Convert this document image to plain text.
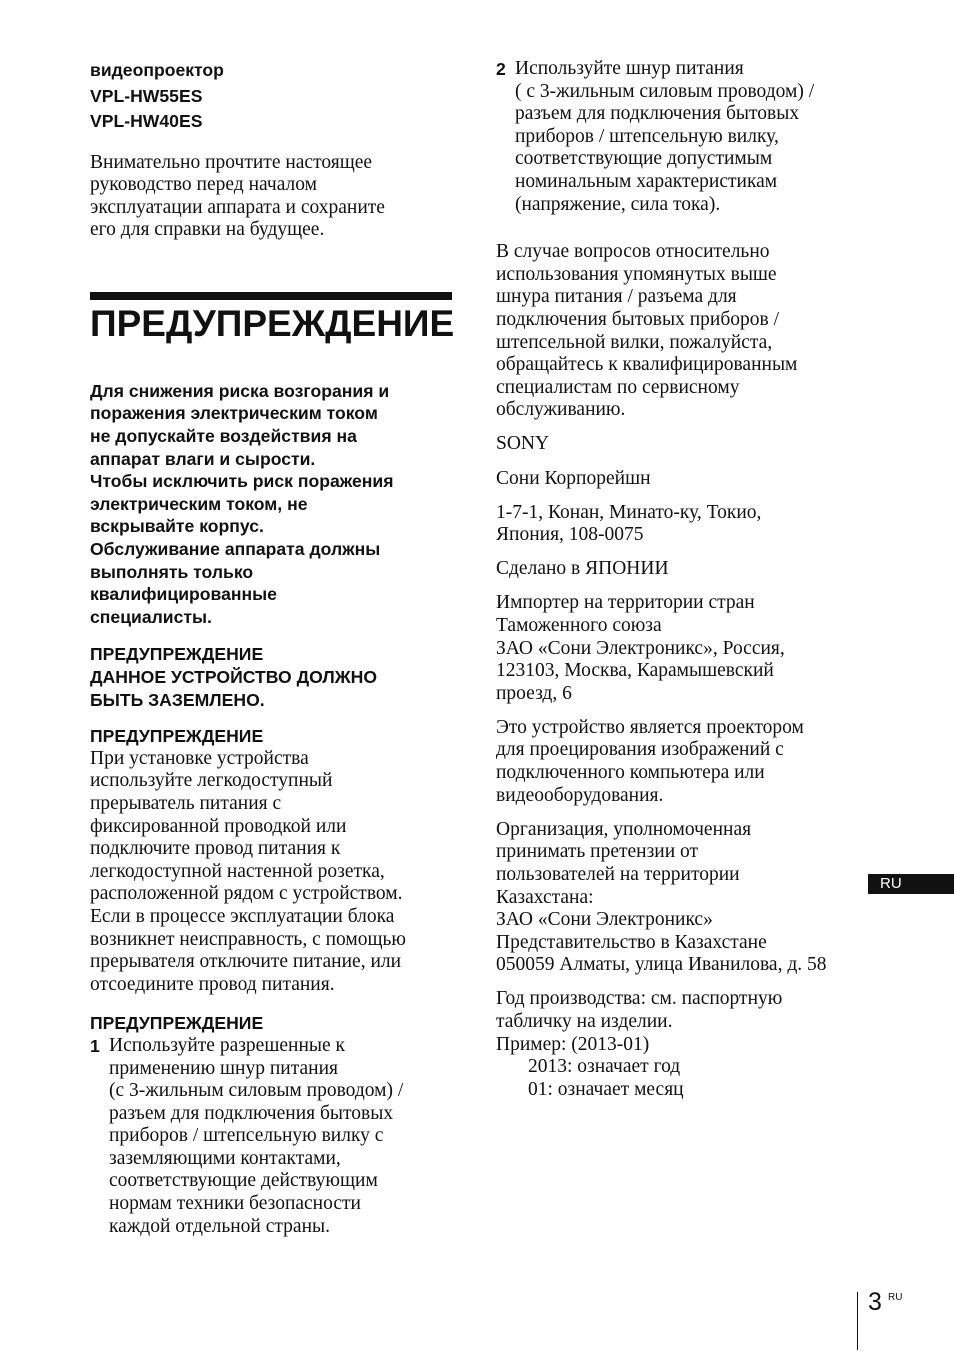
видеопроектор

VPL-HW55ES

VPL-HW40ES

Внимательно прочтите настоящее
руководство перед началом
эксплуатации аппарата и сохраните
его для справки на будущее.

ПРЕДУПРЕЖДЕНИЕ

Для снижения риска возгорания и
поражения электрическим током
не допускайте воздействия на
аппарат влаги и сырости.
Чтобы исключить риск поражения
электрическим током, не
вскрывайте корпус.
Обслуживание аппарата должны
выполнять только
квалифицированные
специалисты.

ПРЕДУПРЕЖДЕНИЕ

ДАННОЕ УСТРОЙСТВО ДОЛЖНО
БЫТЬ ЗАЗЕМЛЕНО.

ПРЕДУПРЕЖДЕНИЕ

При установке устройства
используйте легкодоступный
прерыватель питания с
фиксированной проводкой или
подключите провод питания к
легкодоступной настенной розетка,
расположенной рядом с устройством.
Если в процессе эксплуатации блока
возникнет неисправность, с помощью
прерывателя отключите питание, или
отсоедините провод питания.

ПРЕДУПРЕЖДЕНИЕ

1 Используйте разрешенные к
применению шнур питания
(с 3-жильным силовым проводом) /
разъем для подключения бытовых
приборов / штепсельную вилку с
заземляющими контактами,
соответствующие действующим
нормам техники безопасности
каждой отдельной страны.

2 Используйте шнур питания
( с 3-жильным силовым проводом) /
разъем для подключения бытовых
приборов / штепсельную вилку,
соответствующие допустимым
номинальным характеристикам
(напряжение, сила тока).

В случае вопросов относительно
использования упомянутых выше
шнура питания / разъема для
подключения бытовых приборов /
штепсельной вилки, пожалуйста,
обращайтесь к квалифицированным
специалистам по сервисному
обслуживанию.

SONY

Сони Корпорейшн

1-7-1, Конан, Минато-ку, Токио,
Япония, 108-0075

Сделано в ЯПОНИИ

Импортер на территории стран
Таможенного союза
ЗАО «Сони Электроникс», Россия,
123103, Москва, Карамышевский
проезд, 6

Это устройство является проектором
для проецирования изображений с
подключенного компьютера или
видеооборудования.

Организация, уполномоченная
принимать претензии от
пользователей на территории
Казахстана:
ЗАО «Сони Электроникс»
Представительство в Казахстане
050059 Алматы, улица Иванилова, д. 58

Год производства: см. паспортную
табличку на изделии.
Пример: (2013-01)

2013: означает год

01: означает месяц

RU
3 RU
